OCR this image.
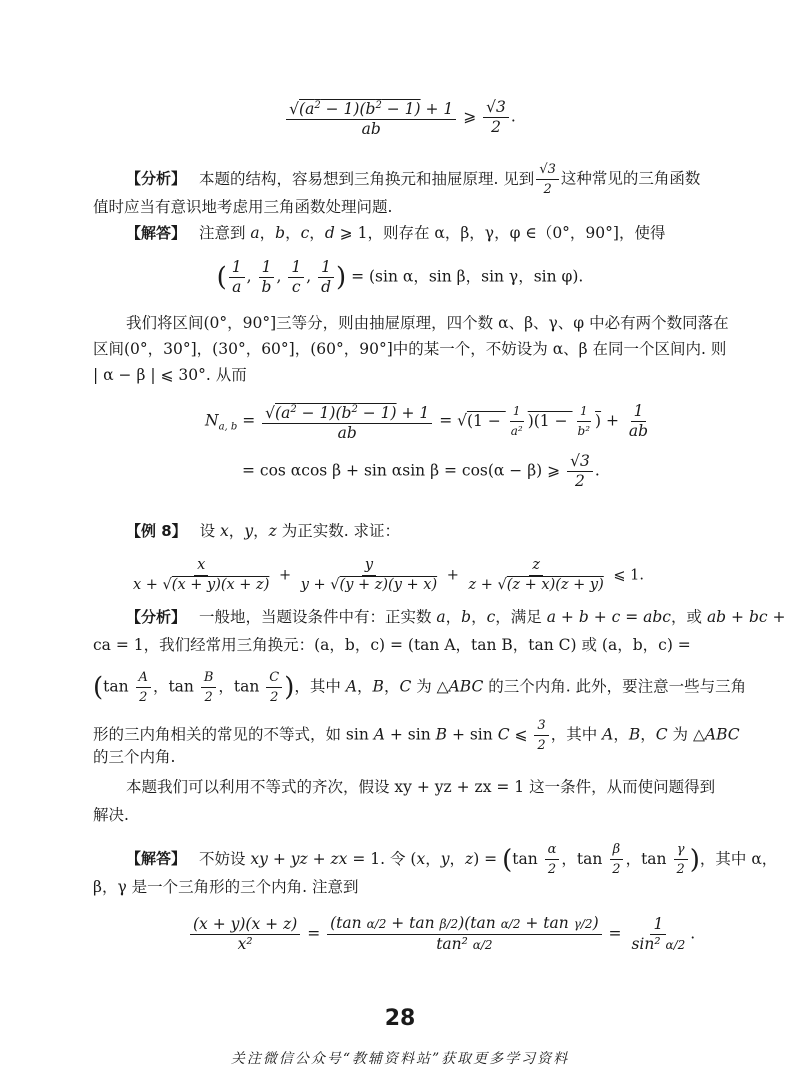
$\frac{√(a^2 - 1)(b^2 - 1) + 1}{ab}$ ⩾ $\frac{√3}{2}$ .
【分析】 本题的结构，容易想到三角换元和抽屉原理. 见到 $\frac{√3}{2}$ 这种常见的三角函数
值时应当有意识地考虑用三角函数处理问题.
【解答】 注意到 a，b，c，d ⩾ 1，则存在 α，β，γ，φ ∈（0°，90°]，使得
( $\frac{1}{a}$ , $\frac{1}{b}$ , $\frac{1}{c}$ , $\frac{1}{d}$ ) = (sin α，sin β，sin γ，sin φ).
我们将区间(0°，90°]三等分，则由抽屉原理，四个数 α、β、γ、φ 中必有两个数同落在
区间(0°，30°]，(30°，60°]，(60°，90°]中的某一个，不妨设为 α、β 在同一个区间内. 则
| α − β | ⩽ 30°. 从而
$N_{a, b} = \frac{√(a^2 - 1)(b^2 - 1) + 1}{ab} = √(1 - \frac{1}{\text{a²}} )(1 - \frac{1}{\text{b²}}$ ) + $\frac{1}{ab}$
= cos αcos β + sin αsin β = cos(α − β) ⩾ $\frac{√3}{2}$ .
【例 8】 设 x，y，z 为正实数. 求证：
$\frac{x}{x + √(x + y)(x + z)} + \frac{y}{y + √(y + z)(y + x)} + \frac{z}{z + √(z + x)(z + y)}$ ⩽ 1.
【分析】 一般地，当题设条件中有：正实数 a，b，c，满足 a + b + c = abc，或 ab + bc +
ca = 1，我们经常用三角换元：(a，b，c) = (tan A，tan B，tan C) 或 (a，b，c) =
($\tan \frac{A}{2}$ ，$\tan \frac{B}{2}$ ，$\tan \frac{C}{2}$ )，其中 A，B，C 为 △ABC 的三个内角. 此外，要注意一些与三角
形的三内角相关的常见的不等式，如 sin A + sin B + sin C ⩽ $\frac{3}{2}$ ，其中 A，B，C 为 △ABC
的三个内角.
本题我们可以利用不等式的齐次，假设 xy + yz + zx = 1 这一条件，从而使问题得到
解决.
【解答】 不妨设 xy + yz + zx = 1. 令 (x，y，$z) = (\tan \frac{\alpha}{2}$ ，$\tan \frac{\beta}{2}$ ，$\tan \frac{\gamma}{2}$ )，其中 α，
β，γ 是一个三角形的三个内角. 注意到
$\frac{(x + y)(x + z)}{\text{x²}} = \frac{\text{(tan α/2 + tan β/2)(tan α/2 + tan γ/2)}}{\text{tan² α/2}} = \frac{1}{\text{sin² α/2}}$ .
28
关注微信公众号“教辅资料站”获取更多学习资料
